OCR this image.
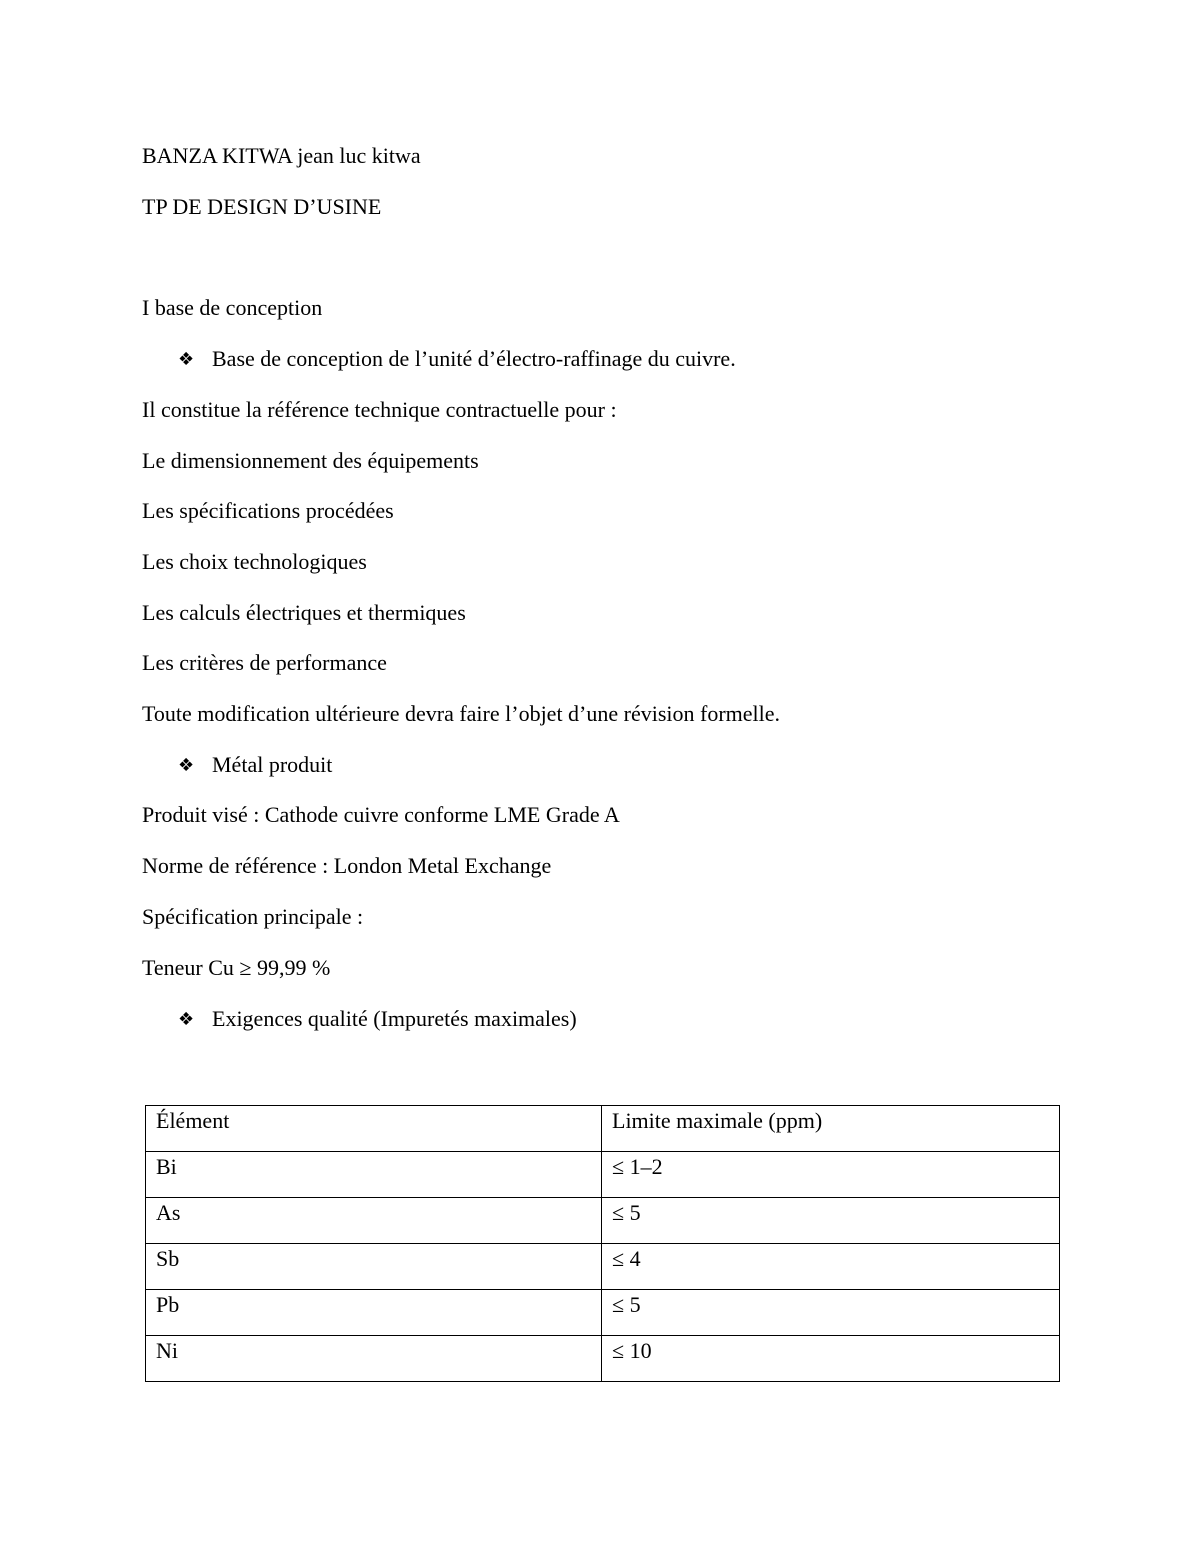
BANZA KITWA jean luc kitwa
TP DE DESIGN D’USINE
I base de conception
❖ Base de conception de l’unité d’électro-raffinage du cuivre.
Il constitue la référence technique contractuelle pour :
Le dimensionnement des équipements
Les spécifications procédées
Les choix technologiques
Les calculs électriques et thermiques
Les critères de performance
Toute modification ultérieure devra faire l’objet d’une révision formelle.
❖ Métal produit
Produit visé : Cathode cuivre conforme LME Grade A
Norme de référence : London Metal Exchange
Spécification principale :
Teneur Cu ≥ 99,99 %
❖ Exigences qualité (Impuretés maximales)
Élément	Limite maximale (ppm)
Bi	≤ 1–2
As	≤ 5
Sb	≤ 4
Pb	≤ 5
Ni	≤ 10
